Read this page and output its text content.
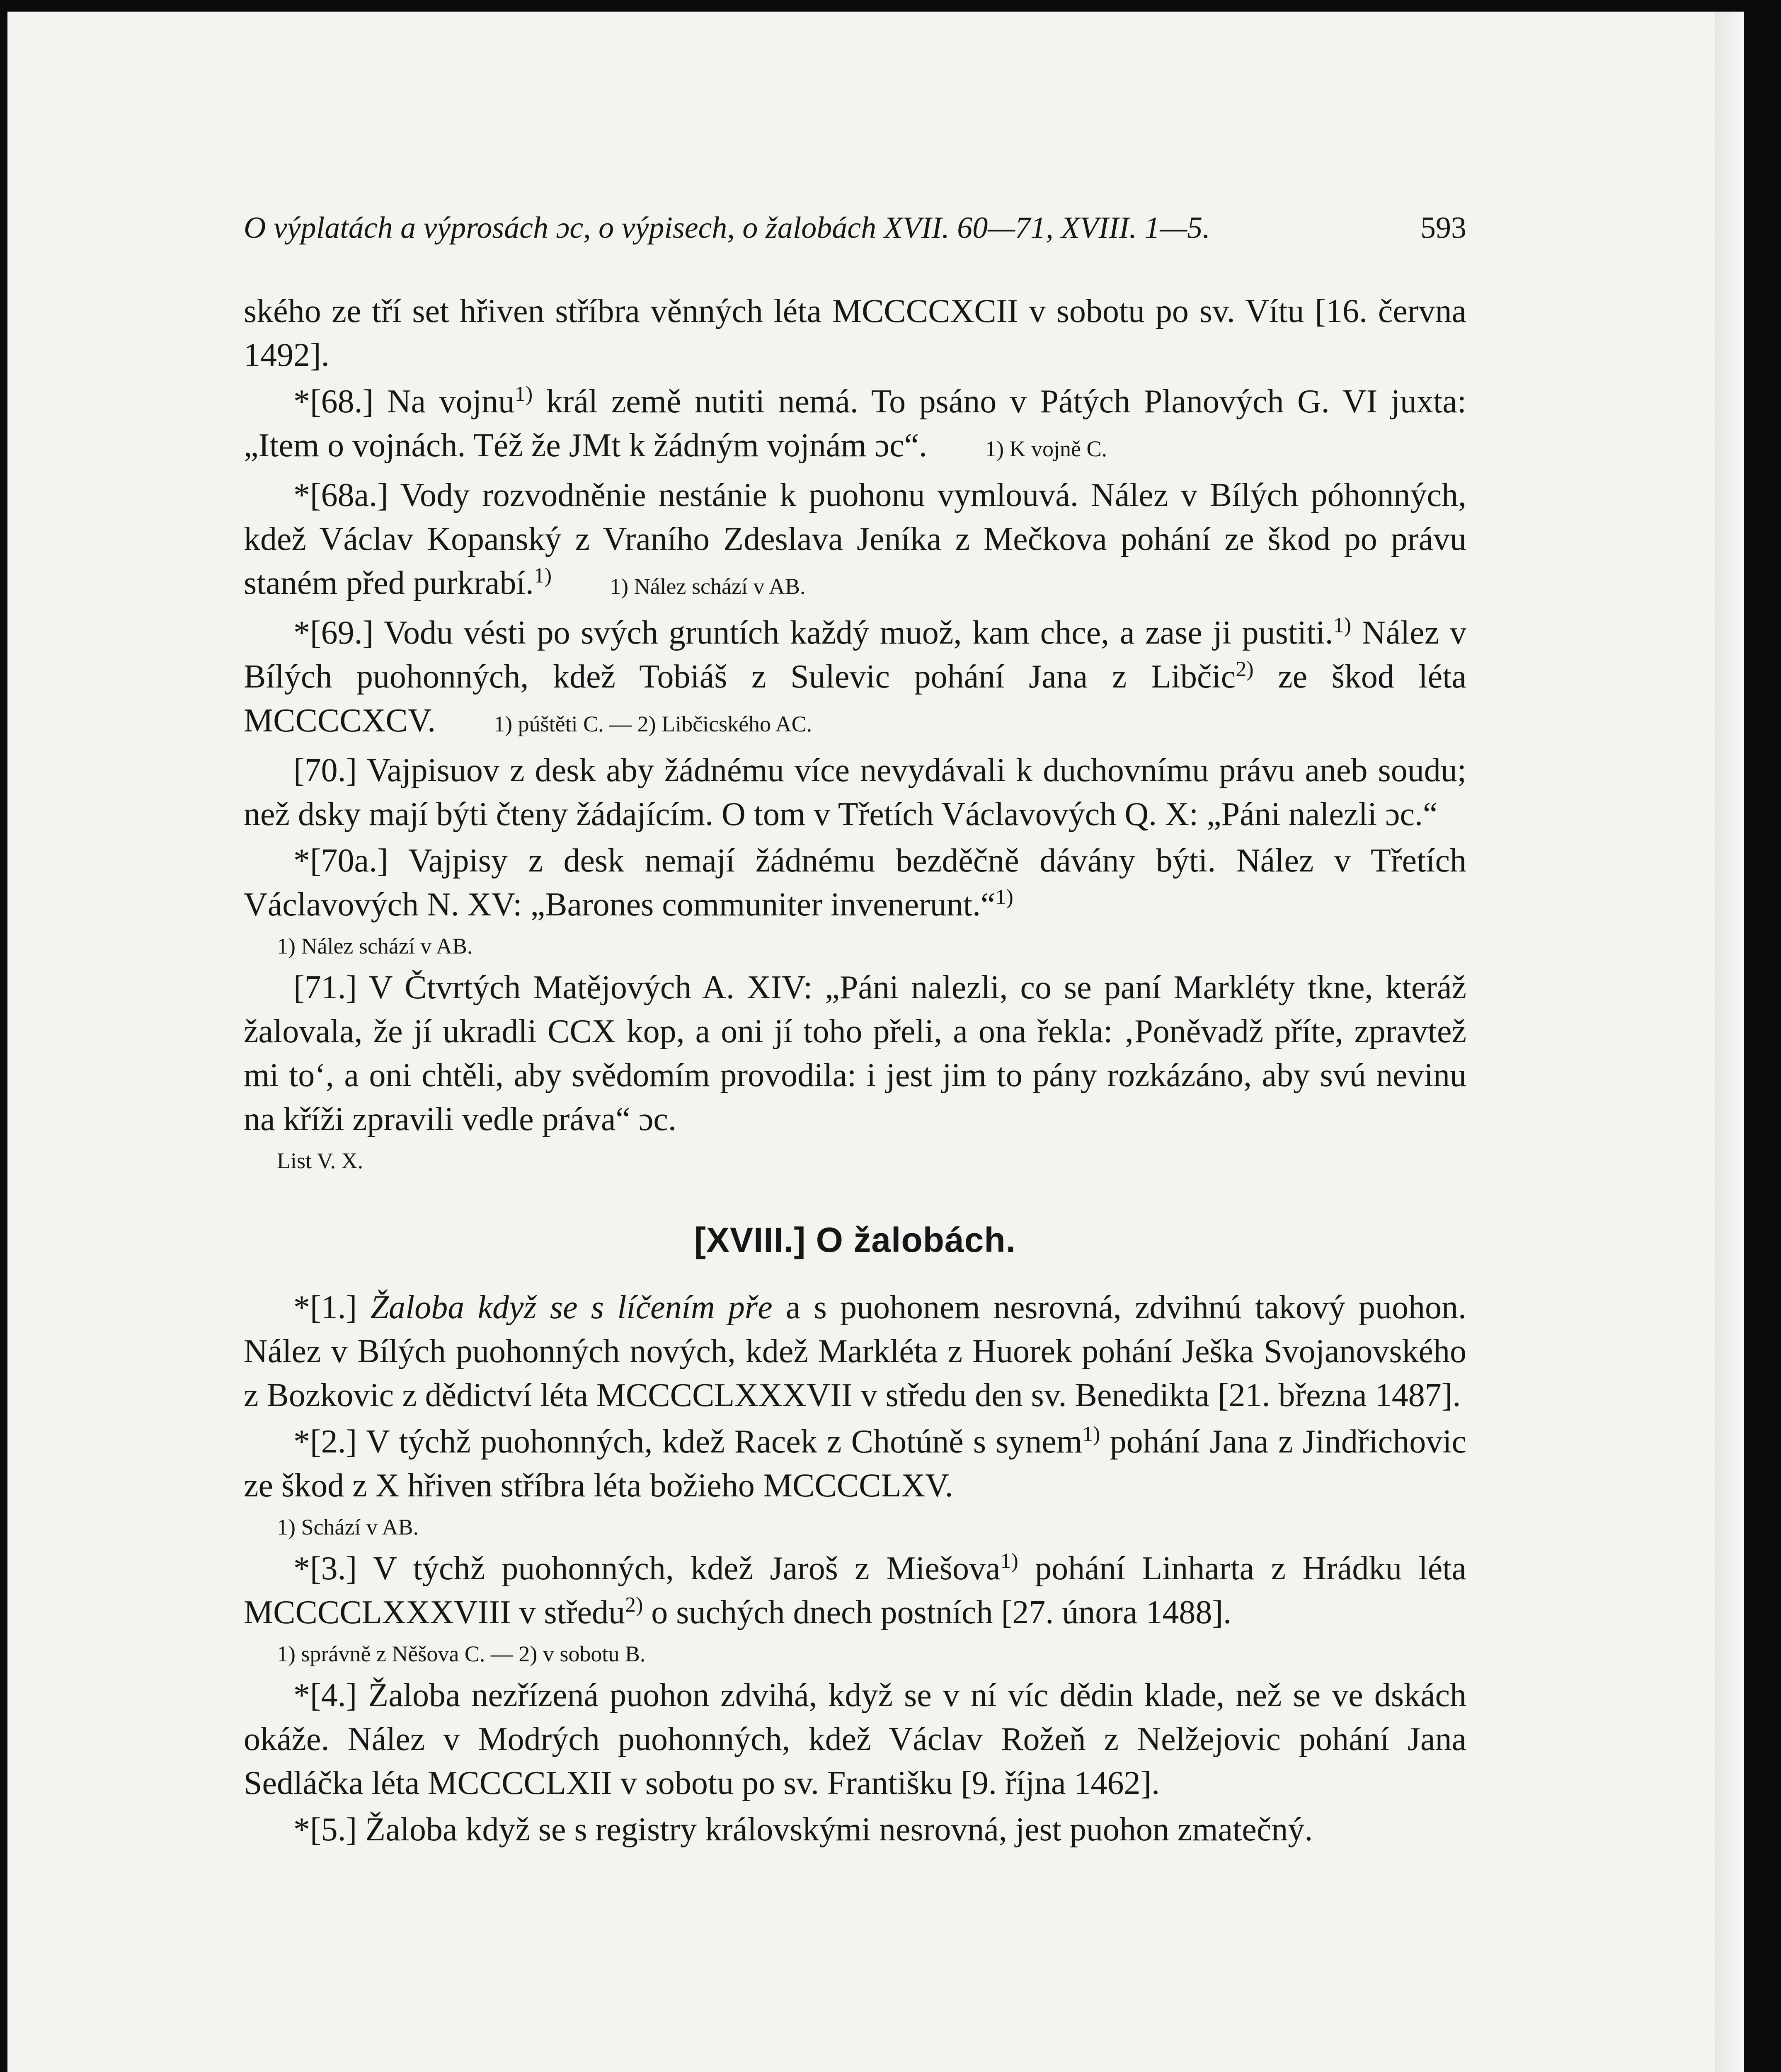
O výplatách a výprosách ɔc, o výpisech, o žalobách XVII. 60—71, XVIII. 1—5.	593

ského ze tří set hřiven stříbra věnných léta MCCCCXCII v sobotu po sv. Vítu [16. června 1492].

*[68.] Na vojnu$^{1)}$ král země nutiti nemá. To psáno v Pátých Planových G. VI juxta: „Item o vojnách. Též že JMt k žádným vojnám ɔc“.	1) K vojně C.

*[68a.] Vody rozvodněnie nestánie k puohonu vymlouvá. Nález v Bílých póhonných, kdež Václav Kopanský z Vraního Zdeslava Jeníka z Mečkova pohání ze škod po právu staném před purkrabí.$^{1)}$	1) Nález schází v AB.

*[69.] Vodu vésti po svých gruntích každý muož, kam chce, a zase ji pustiti.$^{1)}$ Nález v Bílých puohonných, kdež Tobiáš z Sulevic pohání Jana z Libčic$^{2)}$ ze škod léta MCCCCXCV.	1) púštěti C. — 2) Libčicského AC.

[70.] Vajpisuov z desk aby žádnému více nevydávali k duchovnímu právu aneb soudu; než dsky mají býti čteny žádajícím. O tom v Třetích Václavových Q. X: „Páni nalezli ɔc.“

*[70a.] Vajpisy z desk nemají žádnému bezděčně dávány býti. Nález v Třetích Václavových N. XV: „Barones communiter invenerunt.“$^{1)}$

1) Nález schází v AB.

[71.] V Čtvrtých Matějových A. XIV: „Páni nalezli, co se paní Markléty tkne, kteráž žalovala, že jí ukradli CCX kop, a oni jí toho přeli, a ona řekla: ‚Poněvadž příte, zpravtež mi to‘, a oni chtěli, aby svědomím provodila: i jest jim to pány rozkázáno, aby svú nevinu na kříži zpravili vedle práva“ ɔc.

List V. X.

[XVIII.] O žalobách.

*[1.] Žaloba když se s líčením pře a s puohonem nesrovná, zdvihnú takový puohon. Nález v Bílých puohonných nových, kdež Markléta z Huorek pohání Ješka Svojanovského z Bozkovic z dědictví léta MCCCCLXXXVII v středu den sv. Benedikta [21. března 1487].

*[2.] V týchž puohonných, kdež Racek z Chotúně s synem$^{1)}$ pohání Jana z Jindřichovic ze škod z X hřiven stříbra léta božieho MCCCCLXV.

1) Schází v AB.

*[3.] V týchž puohonných, kdež Jaroš z Miešova$^{1)}$ pohání Linharta z Hrádku léta MCCCCLXXXVIII v středu$^{2)}$ o suchých dnech postních [27. února 1488].

1) správně z Něšova C. — 2) v sobotu B.

*[4.] Žaloba nezřízená puohon zdvihá, když se v ní víc dědin klade, než se ve dskách okáže. Nález v Modrých puohonných, kdež Václav Rožeň z Nelžejovic pohání Jana Sedláčka léta MCCCCLXII v sobotu po sv. Františku [9. října 1462].

*[5.] Žaloba když se s registry královskými nesrovná, jest puohon zmatečný.
